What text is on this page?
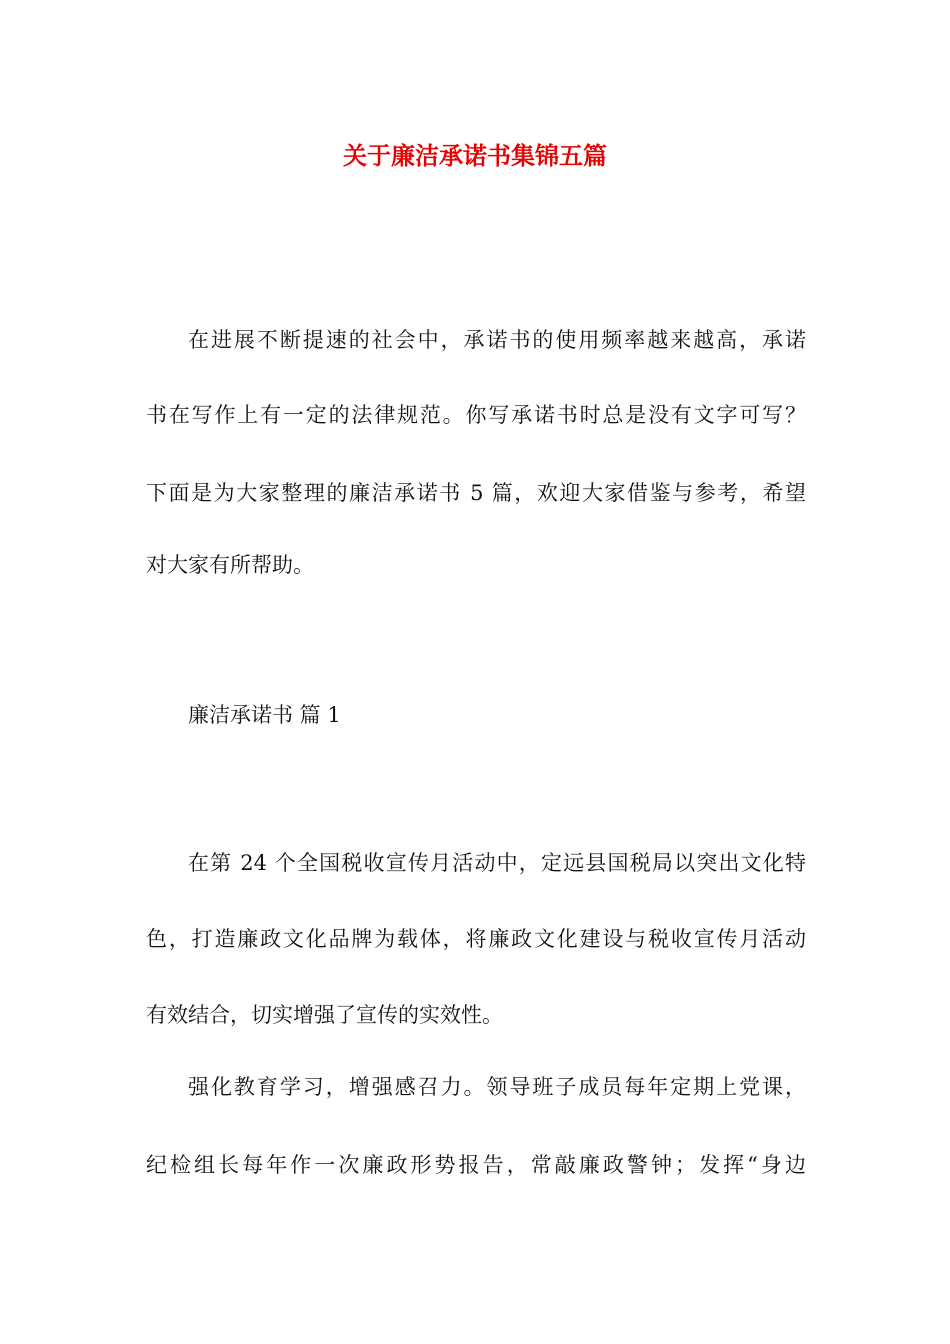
关于廉洁承诺书集锦五篇

在进展不断提速的社会中，承诺书的使用频率越来越高，承诺

书在写作上有一定的法律规范。你写承诺书时总是没有文字可写？

下面是为大家整理的廉洁承诺书 5 篇，欢迎大家借鉴与参考，希望

对大家有所帮助。

廉洁承诺书 篇 1

在第 24 个全国税收宣传月活动中，定远县国税局以突出文化特

色，打造廉政文化品牌为载体，将廉政文化建设与税收宣传月活动

有效结合，切实增强了宣传的实效性。

强化教育学习，增强感召力。领导班子成员每年定期上党课，

纪检组长每年作一次廉政形势报告，常敲廉政警钟；发挥“身边
